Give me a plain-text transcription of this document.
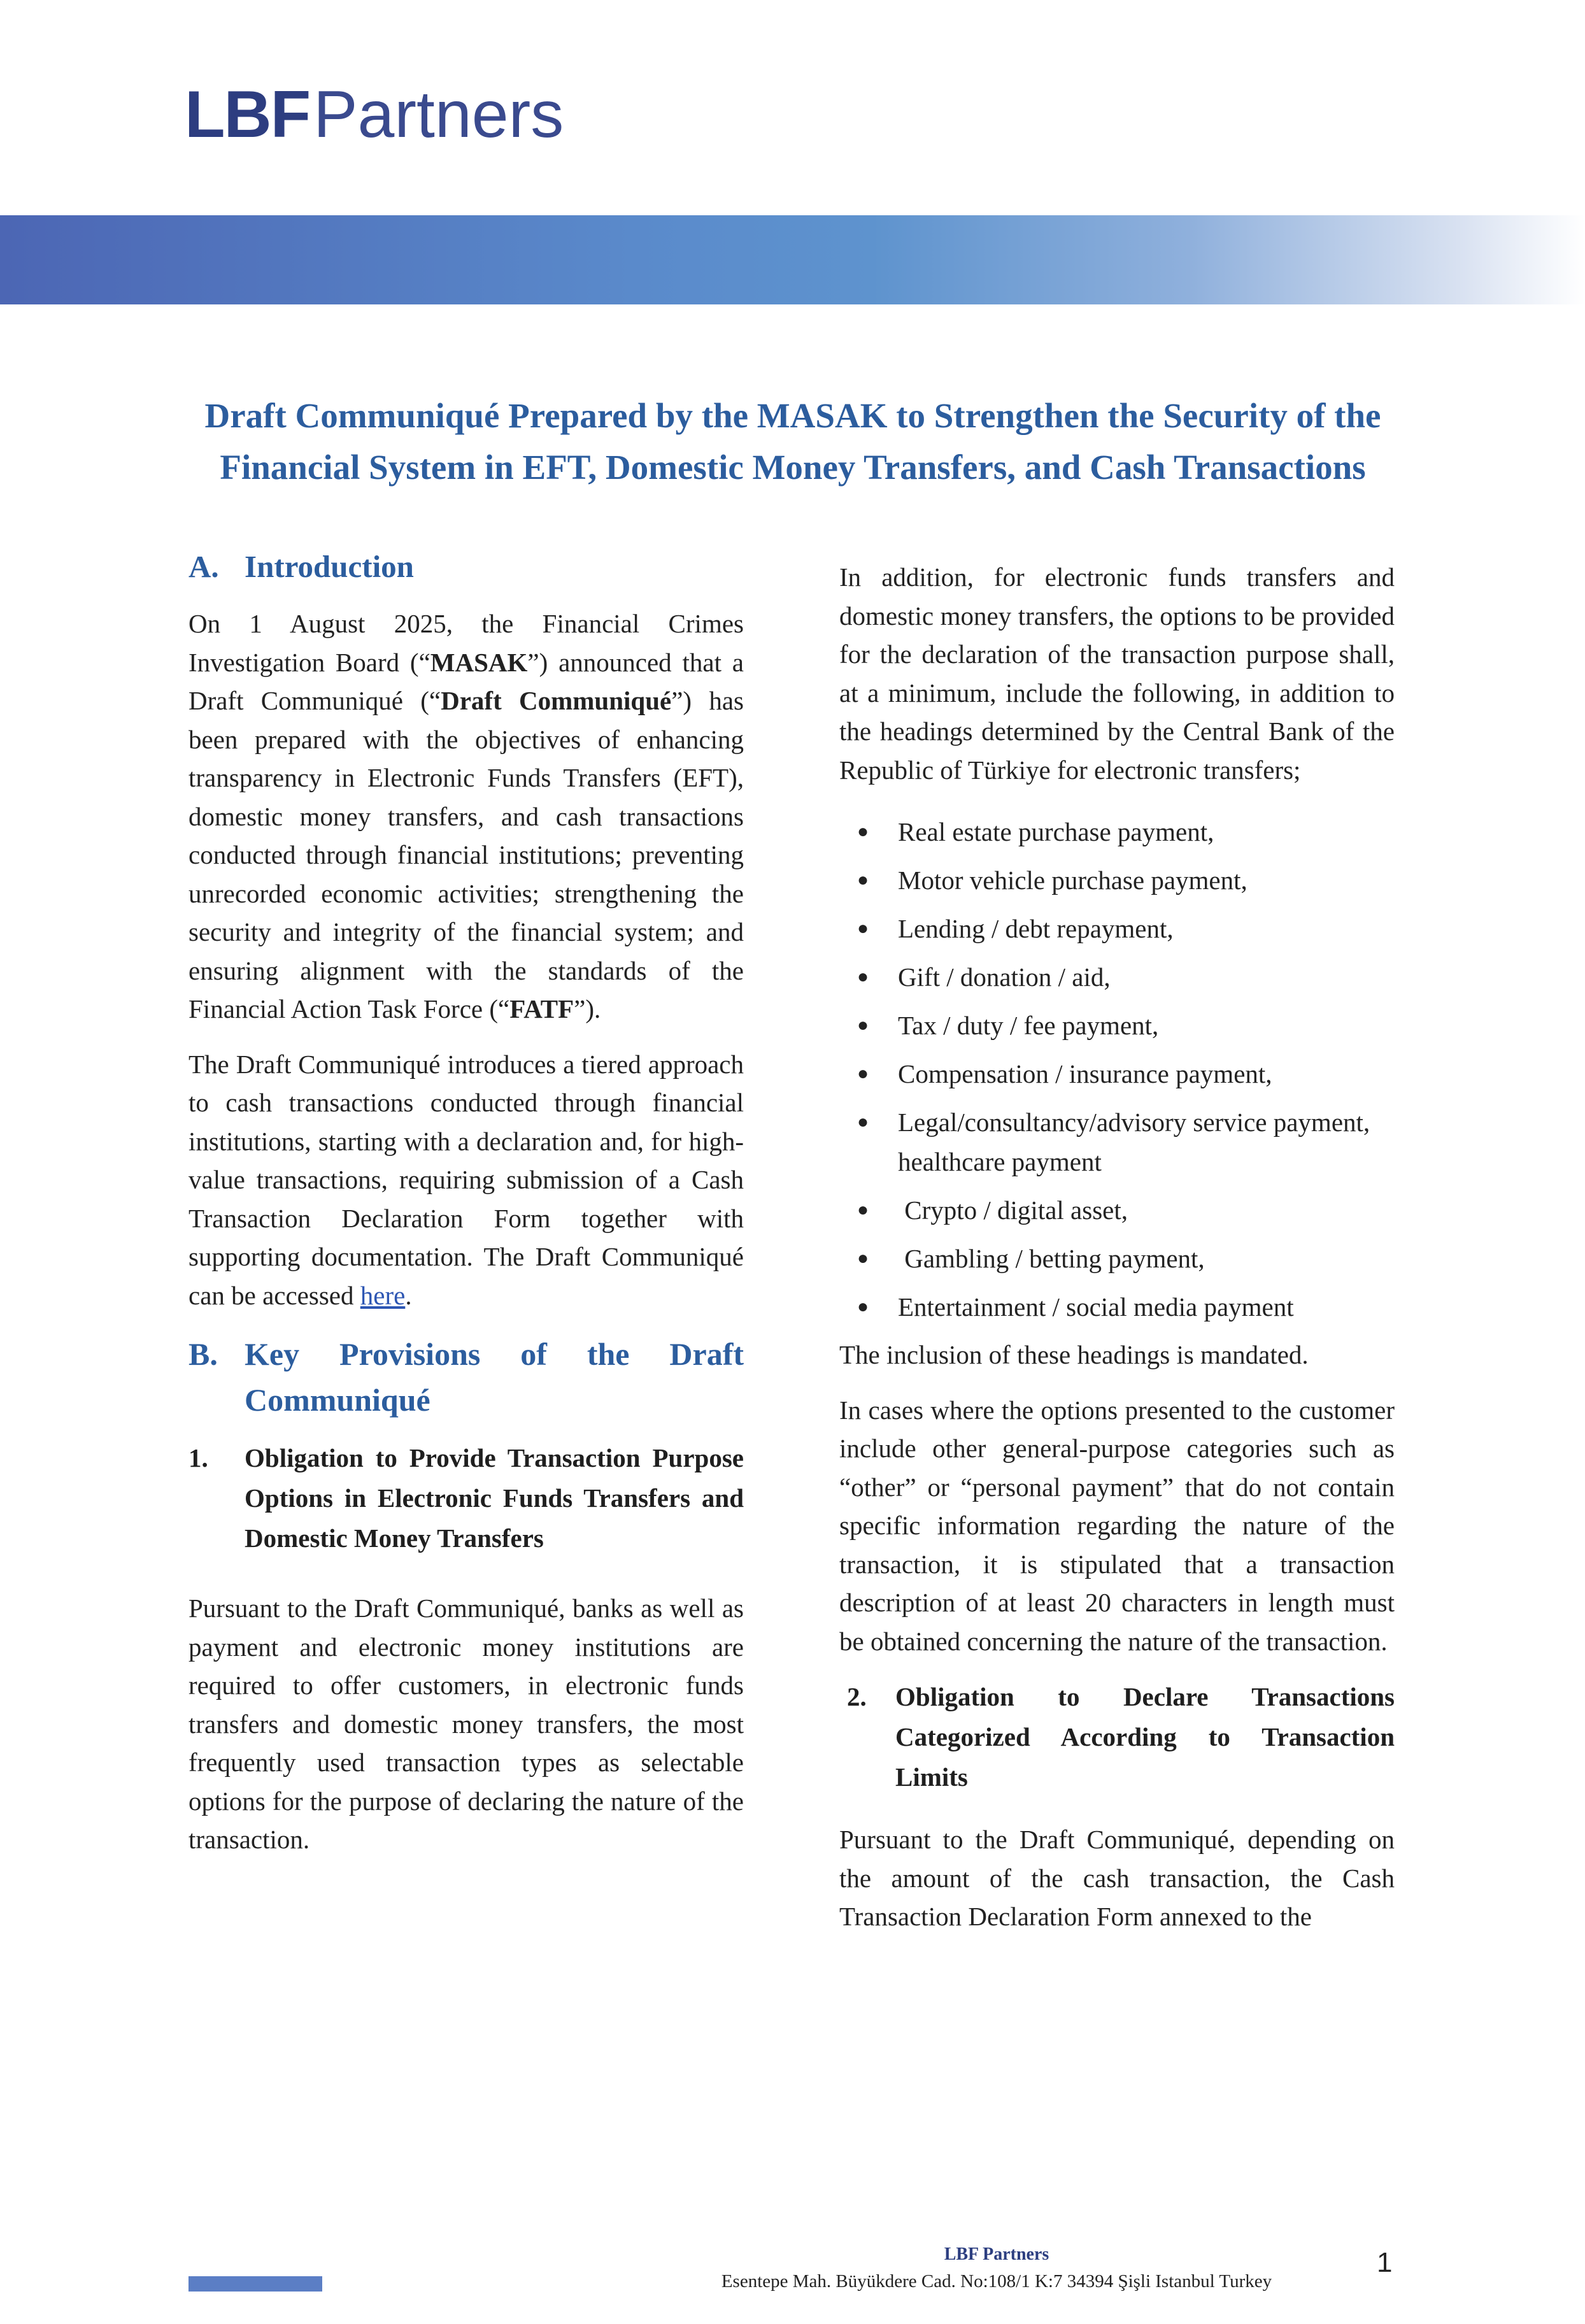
LBFPartners
Draft Communiqué Prepared by the MASAK to Strengthen the Security of the Financial System in EFT, Domestic Money Transfers, and Cash Transactions
A. Introduction

On 1 August 2025, the Financial Crimes Investigation Board (“MASAK”) announced that a Draft Communiqué (“Draft Communiqué”) has been prepared with the objectives of enhancing transparency in Electronic Funds Transfers (EFT), domestic money transfers, and cash transactions conducted through financial institutions; preventing unrecorded economic activities; strengthening the security and integrity of the financial system; and ensuring alignment with the standards of the Financial Action Task Force (“FATF”).

The Draft Communiqué introduces a tiered approach to cash transactions conducted through financial institutions, starting with a declaration and, for high-value transactions, requiring submission of a Cash Transaction Declaration Form together with supporting documentation. The Draft Communiqué can be accessed here.

B. Key Provisions of the Draft Communiqué
1.	Obligation to Provide Transaction Purpose Options in Electronic Funds Transfers and Domestic Money Transfers

Pursuant to the Draft Communiqué, banks as well as payment and electronic money institutions are required to offer customers, in electronic funds transfers and domestic money transfers, the most frequently used transaction types as selectable options for the purpose of declaring the nature of the transaction.

In addition, for electronic funds transfers and domestic money transfers, the options to be provided for the declaration of the transaction purpose shall, at a minimum, include the following, in addition to the headings determined by the Central Bank of the Republic of Türkiye for electronic transfers;

●	Real estate purchase payment,
●	Motor vehicle purchase payment,
●	Lending / debt repayment,
●	Gift / donation / aid,
●	Tax / duty / fee payment,
●	Compensation / insurance payment,
●	Legal/consultancy/advisory service payment, healthcare payment
●	Crypto / digital asset,
●	Gambling / betting payment,
●	Entertainment / social media payment

The inclusion of these headings is mandated.

In cases where the options presented to the customer include other general-purpose categories such as “other” or “personal payment” that do not contain specific information regarding the nature of the transaction, it is stipulated that a transaction description of at least 20 characters in length must be obtained concerning the nature of the transaction.

2.	Obligation to Declare Transactions Categorized According to Transaction Limits

Pursuant to the Draft Communiqué, depending on the amount of the cash transaction, the Cash Transaction Declaration Form annexed to the

LBF Partners
Esentepe Mah. Büyükdere Cad. No:108/1 K:7 34394 Şişli Istanbul Turkey
1
